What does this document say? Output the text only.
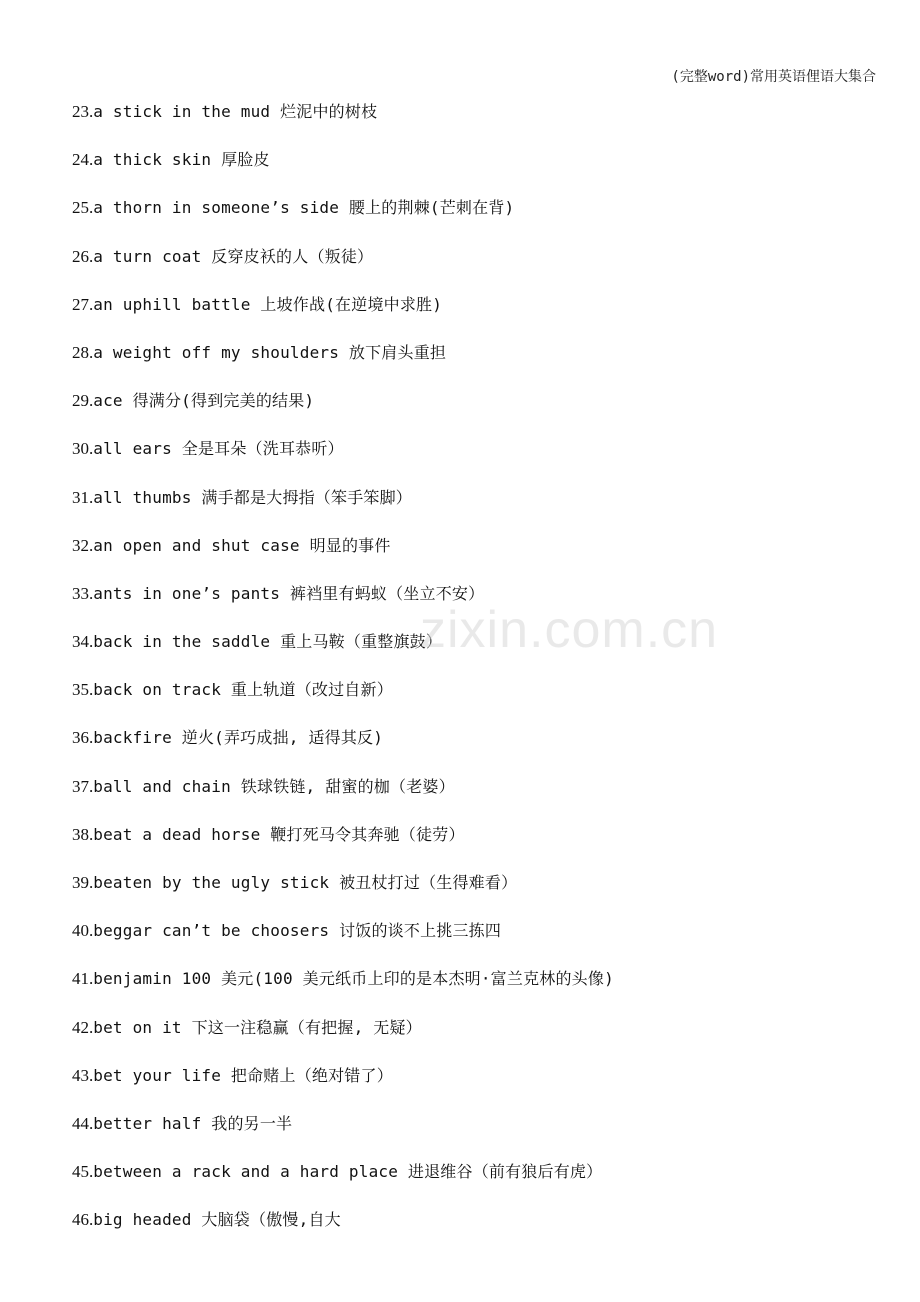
(完整word)常用英语俚语大集合
23.a stick in the mud 烂泥中的树枝
24.a thick skin 厚脸皮
25.a thorn in someone’s side 腰上的荆棘(芒刺在背)
26.a turn coat 反穿皮袄的人（叛徒）
27.an uphill battle 上坡作战(在逆境中求胜)
28.a weight off my shoulders 放下肩头重担
29.ace 得满分(得到完美的结果)
30.all ears 全是耳朵（洗耳恭听）
31.all thumbs 满手都是大拇指（笨手笨脚）
32.an open and shut case 明显的事件
33.ants in one’s pants 裤裆里有蚂蚁（坐立不安）
34.back in the saddle 重上马鞍（重整旗鼓）
35.back on track 重上轨道（改过自新）
36.backfire 逆火(弄巧成拙, 适得其反)
37.ball and chain 铁球铁链, 甜蜜的枷（老婆）
38.beat a dead horse 鞭打死马令其奔驰（徒劳）
39.beaten by the ugly stick 被丑杖打过（生得难看）
40.beggar can’t be choosers 讨饭的谈不上挑三拣四
41.benjamin 100 美元(100 美元纸币上印的是本杰明·富兰克林的头像)
42.bet on it 下这一注稳赢（有把握, 无疑）
43.bet your life 把命赌上（绝对错了）
44.better half 我的另一半
45.between a rack and a hard place 进退维谷（前有狼后有虎）
46.big headed 大脑袋（傲慢,自大
zixin.com.cn
